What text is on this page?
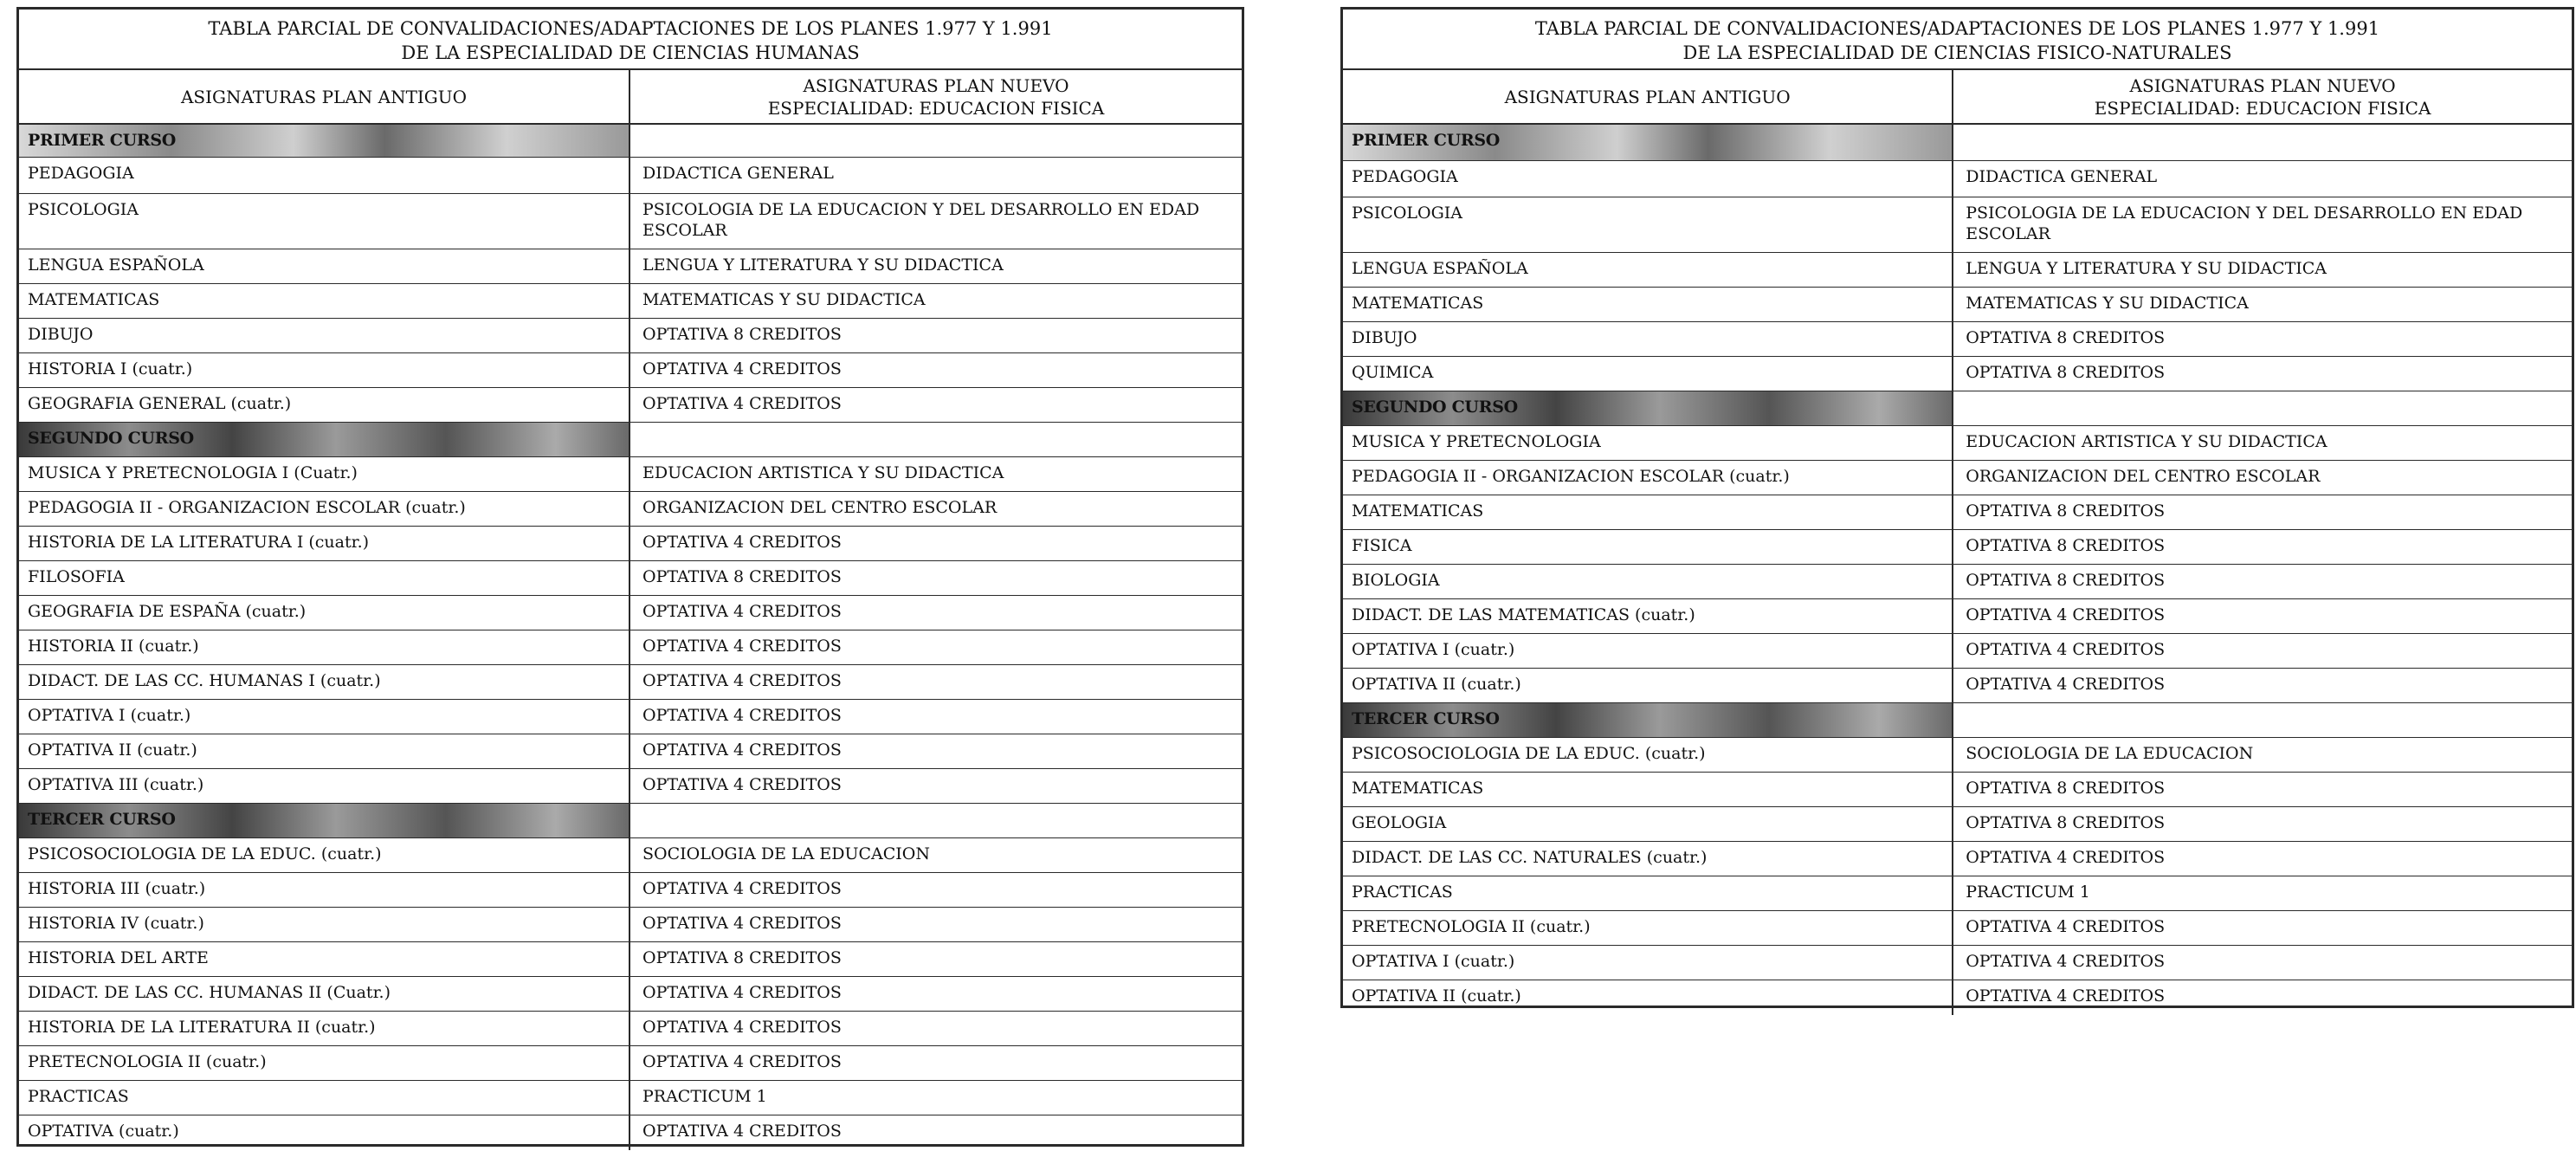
TABLA PARCIAL DE CONVALIDACIONES/ADAPTACIONES DE LOS PLANES 1.977 Y 1.991
DE LA ESPECIALIDAD DE CIENCIAS HUMANAS
ASIGNATURAS PLAN ANTIGUO
ASIGNATURAS PLAN NUEVO
ESPECIALIDAD: EDUCACION FISICA
PRIMER CURSO
PEDAGOGIA	DIDACTICA GENERAL
PSICOLOGIA	PSICOLOGIA DE LA EDUCACION Y DEL DESARROLLO EN EDAD ESCOLAR
LENGUA ESPAÑOLA	LENGUA Y LITERATURA Y SU DIDACTICA
MATEMATICAS	MATEMATICAS Y SU DIDACTICA
DIBUJO	OPTATIVA 8 CREDITOS
HISTORIA I (cuatr.)	OPTATIVA 4 CREDITOS
GEOGRAFIA GENERAL (cuatr.)	OPTATIVA 4 CREDITOS
SEGUNDO CURSO
MUSICA Y PRETECNOLOGIA I (Cuatr.)	EDUCACION ARTISTICA Y SU DIDACTICA
PEDAGOGIA II - ORGANIZACION ESCOLAR (cuatr.)	ORGANIZACION DEL CENTRO ESCOLAR
HISTORIA DE LA LITERATURA I (cuatr.)	OPTATIVA 4 CREDITOS
FILOSOFIA	OPTATIVA 8 CREDITOS
GEOGRAFIA DE ESPAÑA (cuatr.)	OPTATIVA 4 CREDITOS
HISTORIA II (cuatr.)	OPTATIVA 4 CREDITOS
DIDACT. DE LAS CC. HUMANAS I (cuatr.)	OPTATIVA 4 CREDITOS
OPTATIVA I (cuatr.)	OPTATIVA 4 CREDITOS
OPTATIVA II (cuatr.)	OPTATIVA 4 CREDITOS
OPTATIVA III (cuatr.)	OPTATIVA 4 CREDITOS
TERCER CURSO
PSICOSOCIOLOGIA DE LA EDUC. (cuatr.)	SOCIOLOGIA DE LA EDUCACION
HISTORIA III (cuatr.)	OPTATIVA 4 CREDITOS
HISTORIA IV (cuatr.)	OPTATIVA 4 CREDITOS
HISTORIA DEL ARTE	OPTATIVA 8 CREDITOS
DIDACT. DE LAS CC. HUMANAS II (Cuatr.)	OPTATIVA 4 CREDITOS
HISTORIA DE LA LITERATURA II (cuatr.)	OPTATIVA 4 CREDITOS
PRETECNOLOGIA II (cuatr.)	OPTATIVA 4 CREDITOS
PRACTICAS	PRACTICUM 1
OPTATIVA (cuatr.)	OPTATIVA 4 CREDITOS
TABLA PARCIAL DE CONVALIDACIONES/ADAPTACIONES DE LOS PLANES 1.977 Y 1.991
DE LA ESPECIALIDAD DE CIENCIAS FISICO-NATURALES
ASIGNATURAS PLAN ANTIGUO
ASIGNATURAS PLAN NUEVO
ESPECIALIDAD: EDUCACION FISICA
PRIMER CURSO
PEDAGOGIA	DIDACTICA GENERAL
PSICOLOGIA	PSICOLOGIA DE LA EDUCACION Y DEL DESARROLLO EN EDAD ESCOLAR
LENGUA ESPAÑOLA	LENGUA Y LITERATURA Y SU DIDACTICA
MATEMATICAS	MATEMATICAS Y SU DIDACTICA
DIBUJO	OPTATIVA 8 CREDITOS
QUIMICA	OPTATIVA 8 CREDITOS
SEGUNDO CURSO
MUSICA Y PRETECNOLOGIA	EDUCACION ARTISTICA Y SU DIDACTICA
PEDAGOGIA II - ORGANIZACION ESCOLAR (cuatr.)	ORGANIZACION DEL CENTRO ESCOLAR
MATEMATICAS	OPTATIVA 8 CREDITOS
FISICA	OPTATIVA 8 CREDITOS
BIOLOGIA	OPTATIVA 8 CREDITOS
DIDACT. DE LAS MATEMATICAS (cuatr.)	OPTATIVA 4 CREDITOS
OPTATIVA I (cuatr.)	OPTATIVA 4 CREDITOS
OPTATIVA II (cuatr.)	OPTATIVA 4 CREDITOS
TERCER CURSO
PSICOSOCIOLOGIA DE LA EDUC. (cuatr.)	SOCIOLOGIA DE LA EDUCACION
MATEMATICAS	OPTATIVA 8 CREDITOS
GEOLOGIA	OPTATIVA 8 CREDITOS
DIDACT. DE LAS CC. NATURALES (cuatr.)	OPTATIVA 4 CREDITOS
PRACTICAS	PRACTICUM 1
PRETECNOLOGIA II (cuatr.)	OPTATIVA 4 CREDITOS
OPTATIVA I (cuatr.)	OPTATIVA 4 CREDITOS
OPTATIVA II (cuatr.)	OPTATIVA 4 CREDITOS
